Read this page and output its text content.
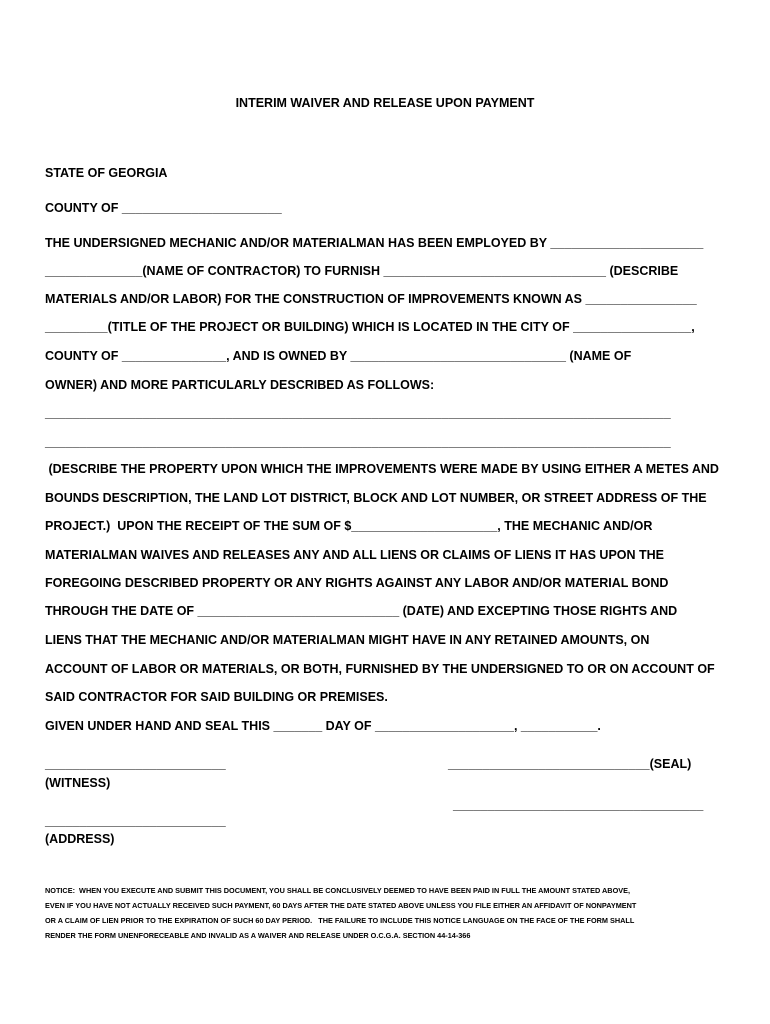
INTERIM WAIVER AND RELEASE UPON PAYMENT
STATE OF GEORGIA
COUNTY OF _______________________
THE UNDERSIGNED MECHANIC AND/OR MATERIALMAN HAS BEEN EMPLOYED BY ______________________
______________(NAME OF CONTRACTOR) TO FURNISH ________________________________ (DESCRIBE
MATERIALS AND/OR LABOR) FOR THE CONSTRUCTION OF IMPROVEMENTS KNOWN AS ________________
_________(TITLE OF THE PROJECT OR BUILDING) WHICH IS LOCATED IN THE CITY OF _________________,
COUNTY OF _______________, AND IS OWNED BY _______________________________ (NAME OF
OWNER) AND MORE PARTICULARLY DESCRIBED AS FOLLOWS:
__________________________________________________________________________________________
__________________________________________________________________________________________
(DESCRIBE THE PROPERTY UPON WHICH THE IMPROVEMENTS WERE MADE BY USING EITHER A METES AND
BOUNDS DESCRIPTION, THE LAND LOT DISTRICT, BLOCK AND LOT NUMBER, OR STREET ADDRESS OF THE
PROJECT.)  UPON THE RECEIPT OF THE SUM OF $_____________________, THE MECHANIC AND/OR
MATERIALMAN WAIVES AND RELEASES ANY AND ALL LIENS OR CLAIMS OF LIENS IT HAS UPON THE
FOREGOING DESCRIBED PROPERTY OR ANY RIGHTS AGAINST ANY LABOR AND/OR MATERIAL BOND
THROUGH THE DATE OF _____________________________ (DATE) AND EXCEPTING THOSE RIGHTS AND
LIENS THAT THE MECHANIC AND/OR MATERIALMAN MIGHT HAVE IN ANY RETAINED AMOUNTS, ON
ACCOUNT OF LABOR OR MATERIALS, OR BOTH, FURNISHED BY THE UNDERSIGNED TO OR ON ACCOUNT OF
SAID CONTRACTOR FOR SAID BUILDING OR PREMISES.
GIVEN UNDER HAND AND SEAL THIS _______ DAY OF ____________________, ___________.
__________________________	_____________________________(SEAL)
(WITNESS)
____________________________________
__________________________
(ADDRESS)
NOTICE:  WHEN YOU EXECUTE AND SUBMIT THIS DOCUMENT, YOU SHALL BE CONCLUSIVELY DEEMED TO HAVE BEEN PAID IN FULL THE AMOUNT STATED ABOVE,
EVEN IF YOU HAVE NOT ACTUALLY RECEIVED SUCH PAYMENT, 60 DAYS AFTER THE DATE STATED ABOVE UNLESS YOU FILE EITHER AN AFFIDAVIT OF NONPAYMENT
OR A CLAIM OF LIEN PRIOR TO THE EXPIRATION OF SUCH 60 DAY PERIOD.   THE FAILURE TO INCLUDE THIS NOTICE LANGUAGE ON THE FACE OF THE FORM SHALL
RENDER THE FORM UNENFORECEABLE AND INVALID AS A WAIVER AND RELEASE UNDER O.C.G.A. SECTION 44-14-366
